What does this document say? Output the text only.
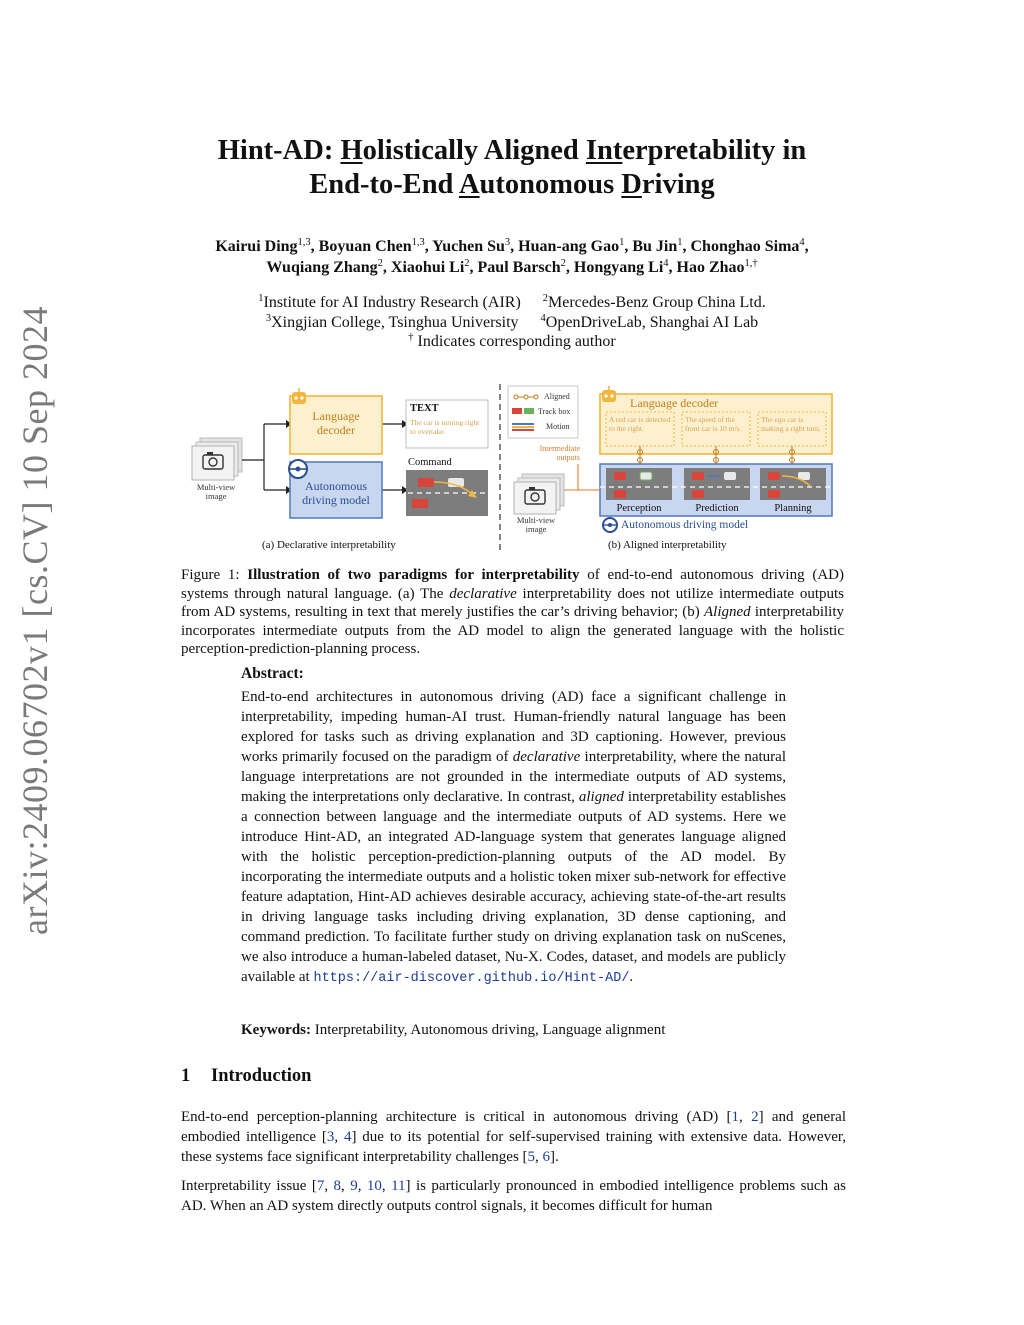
arXiv:2409.06702v1 [cs.CV] 10 Sep 2024
Hint-AD: Holistically Aligned Interpretability in
End-to-End Autonomous Driving
Kairui Ding$^{1,3}$, Boyuan Chen$^{1,3}$, Yuchen Su$^3$, Huan-ang Gao$^1$, Bu Jin$^1$, Chonghao Sima$^4$,
Wuqiang Zhang$^2$, Xiaohui Li$^2$, Paul Barsch$^2$, Hongyang Li$^4$, Hao Zhao$^{1,\dagger}$
$^1$Institute for AI Industry Research (AIR) $^2$Mercedes-Benz Group China Ltd.
$^3$Xingjian College, Tsinghua University $^4$OpenDriveLab, Shanghai AI Lab
† Indicates corresponding author
Multi-view image
Language decoder
Autonomous driving model
TEXT
The car is turning right to overtake.
Command
(a) Declarative interpretability
Aligned
Track box
Motion
Intermediate outputs
Multi-view image
Language decoder
A red car is detected to the right.
The speed of the front car is 10 m/s.
The ego car is making a right turn.
Perception	Prediction	Planning
Autonomous driving model
(b) Aligned interpretability
Figure 1: Illustration of two paradigms for interpretability of end-to-end autonomous driving (AD) systems through natural language. (a) The declarative interpretability does not utilize intermediate outputs from AD systems, resulting in text that merely justifies the car’s driving behavior; (b) Aligned interpretability incorporates intermediate outputs from the AD model to align the generated language with the holistic perception-prediction-planning process.
Abstract:
End-to-end architectures in autonomous driving (AD) face a significant challenge in interpretability, impeding human-AI trust. Human-friendly natural language has been explored for tasks such as driving explanation and 3D captioning. However, previous works primarily focused on the paradigm of declarative interpretability, where the natural language interpretations are not grounded in the intermediate outputs of AD systems, making the interpretations only declarative. In contrast, aligned interpretability establishes a connection between language and the intermediate outputs of AD systems. Here we introduce Hint-AD, an integrated AD-language system that generates language aligned with the holistic perception-prediction-planning outputs of the AD model. By incorporating the intermediate outputs and a holistic token mixer sub-network for effective feature adaptation, Hint-AD achieves desirable accuracy, achieving state-of-the-art results in driving language tasks including driving explanation, 3D dense captioning, and command prediction. To facilitate further study on driving explanation task on nuScenes, we also introduce a human-labeled dataset, Nu-X. Codes, dataset, and models are publicly available at https://air-discover.github.io/Hint-AD/.
Keywords: Interpretability, Autonomous driving, Language alignment
1 Introduction
End-to-end perception-planning architecture is critical in autonomous driving (AD) [1, 2] and general embodied intelligence [3, 4] due to its potential for self-supervised training with extensive data. However, these systems face significant interpretability challenges [5, 6].
Interpretability issue [7, 8, 9, 10, 11] is particularly pronounced in embodied intelligence problems such as AD. When an AD system directly outputs control signals, it becomes difficult for human
